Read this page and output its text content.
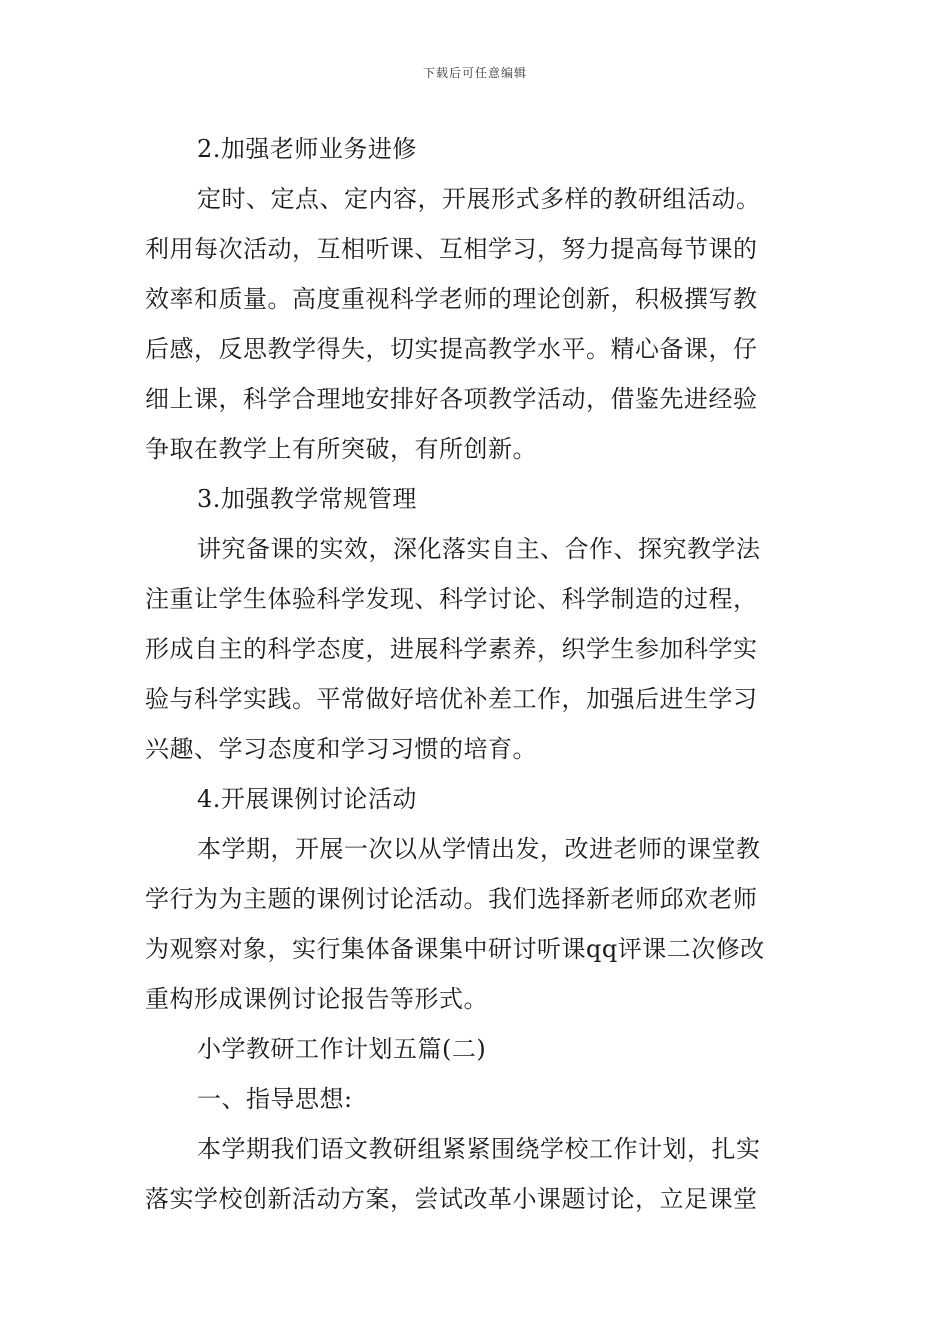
下载后可任意编辑
2.加强老师业务进修
定时、定点、定内容，开展形式多样的教研组活动。
利用每次活动，互相听课、互相学习，努力提高每节课的
效率和质量。高度重视科学老师的理论创新，积极撰写教
后感，反思教学得失，切实提高教学水平。精心备课，仔
细上课，科学合理地安排好各项教学活动，借鉴先进经验
争取在教学上有所突破，有所创新。
3.加强教学常规管理
讲究备课的实效，深化落实自主、合作、探究教学法
注重让学生体验科学发现、科学讨论、科学制造的过程，
形成自主的科学态度，进展科学素养，织学生参加科学实
验与科学实践。平常做好培优补差工作，加强后进生学习
兴趣、学习态度和学习习惯的培育。
4.开展课例讨论活动
本学期，开展一次以从学情出发，改进老师的课堂教
学行为为主题的课例讨论活动。我们选择新老师邱欢老师
为观察对象，实行集体备课集中研讨听课qq评课二次修改
重构形成课例讨论报告等形式。
小学教研工作计划五篇(二)
一、指导思想:
本学期我们语文教研组紧紧围绕学校工作计划，扎实
落实学校创新活动方案，尝试改革小课题讨论，立足课堂
